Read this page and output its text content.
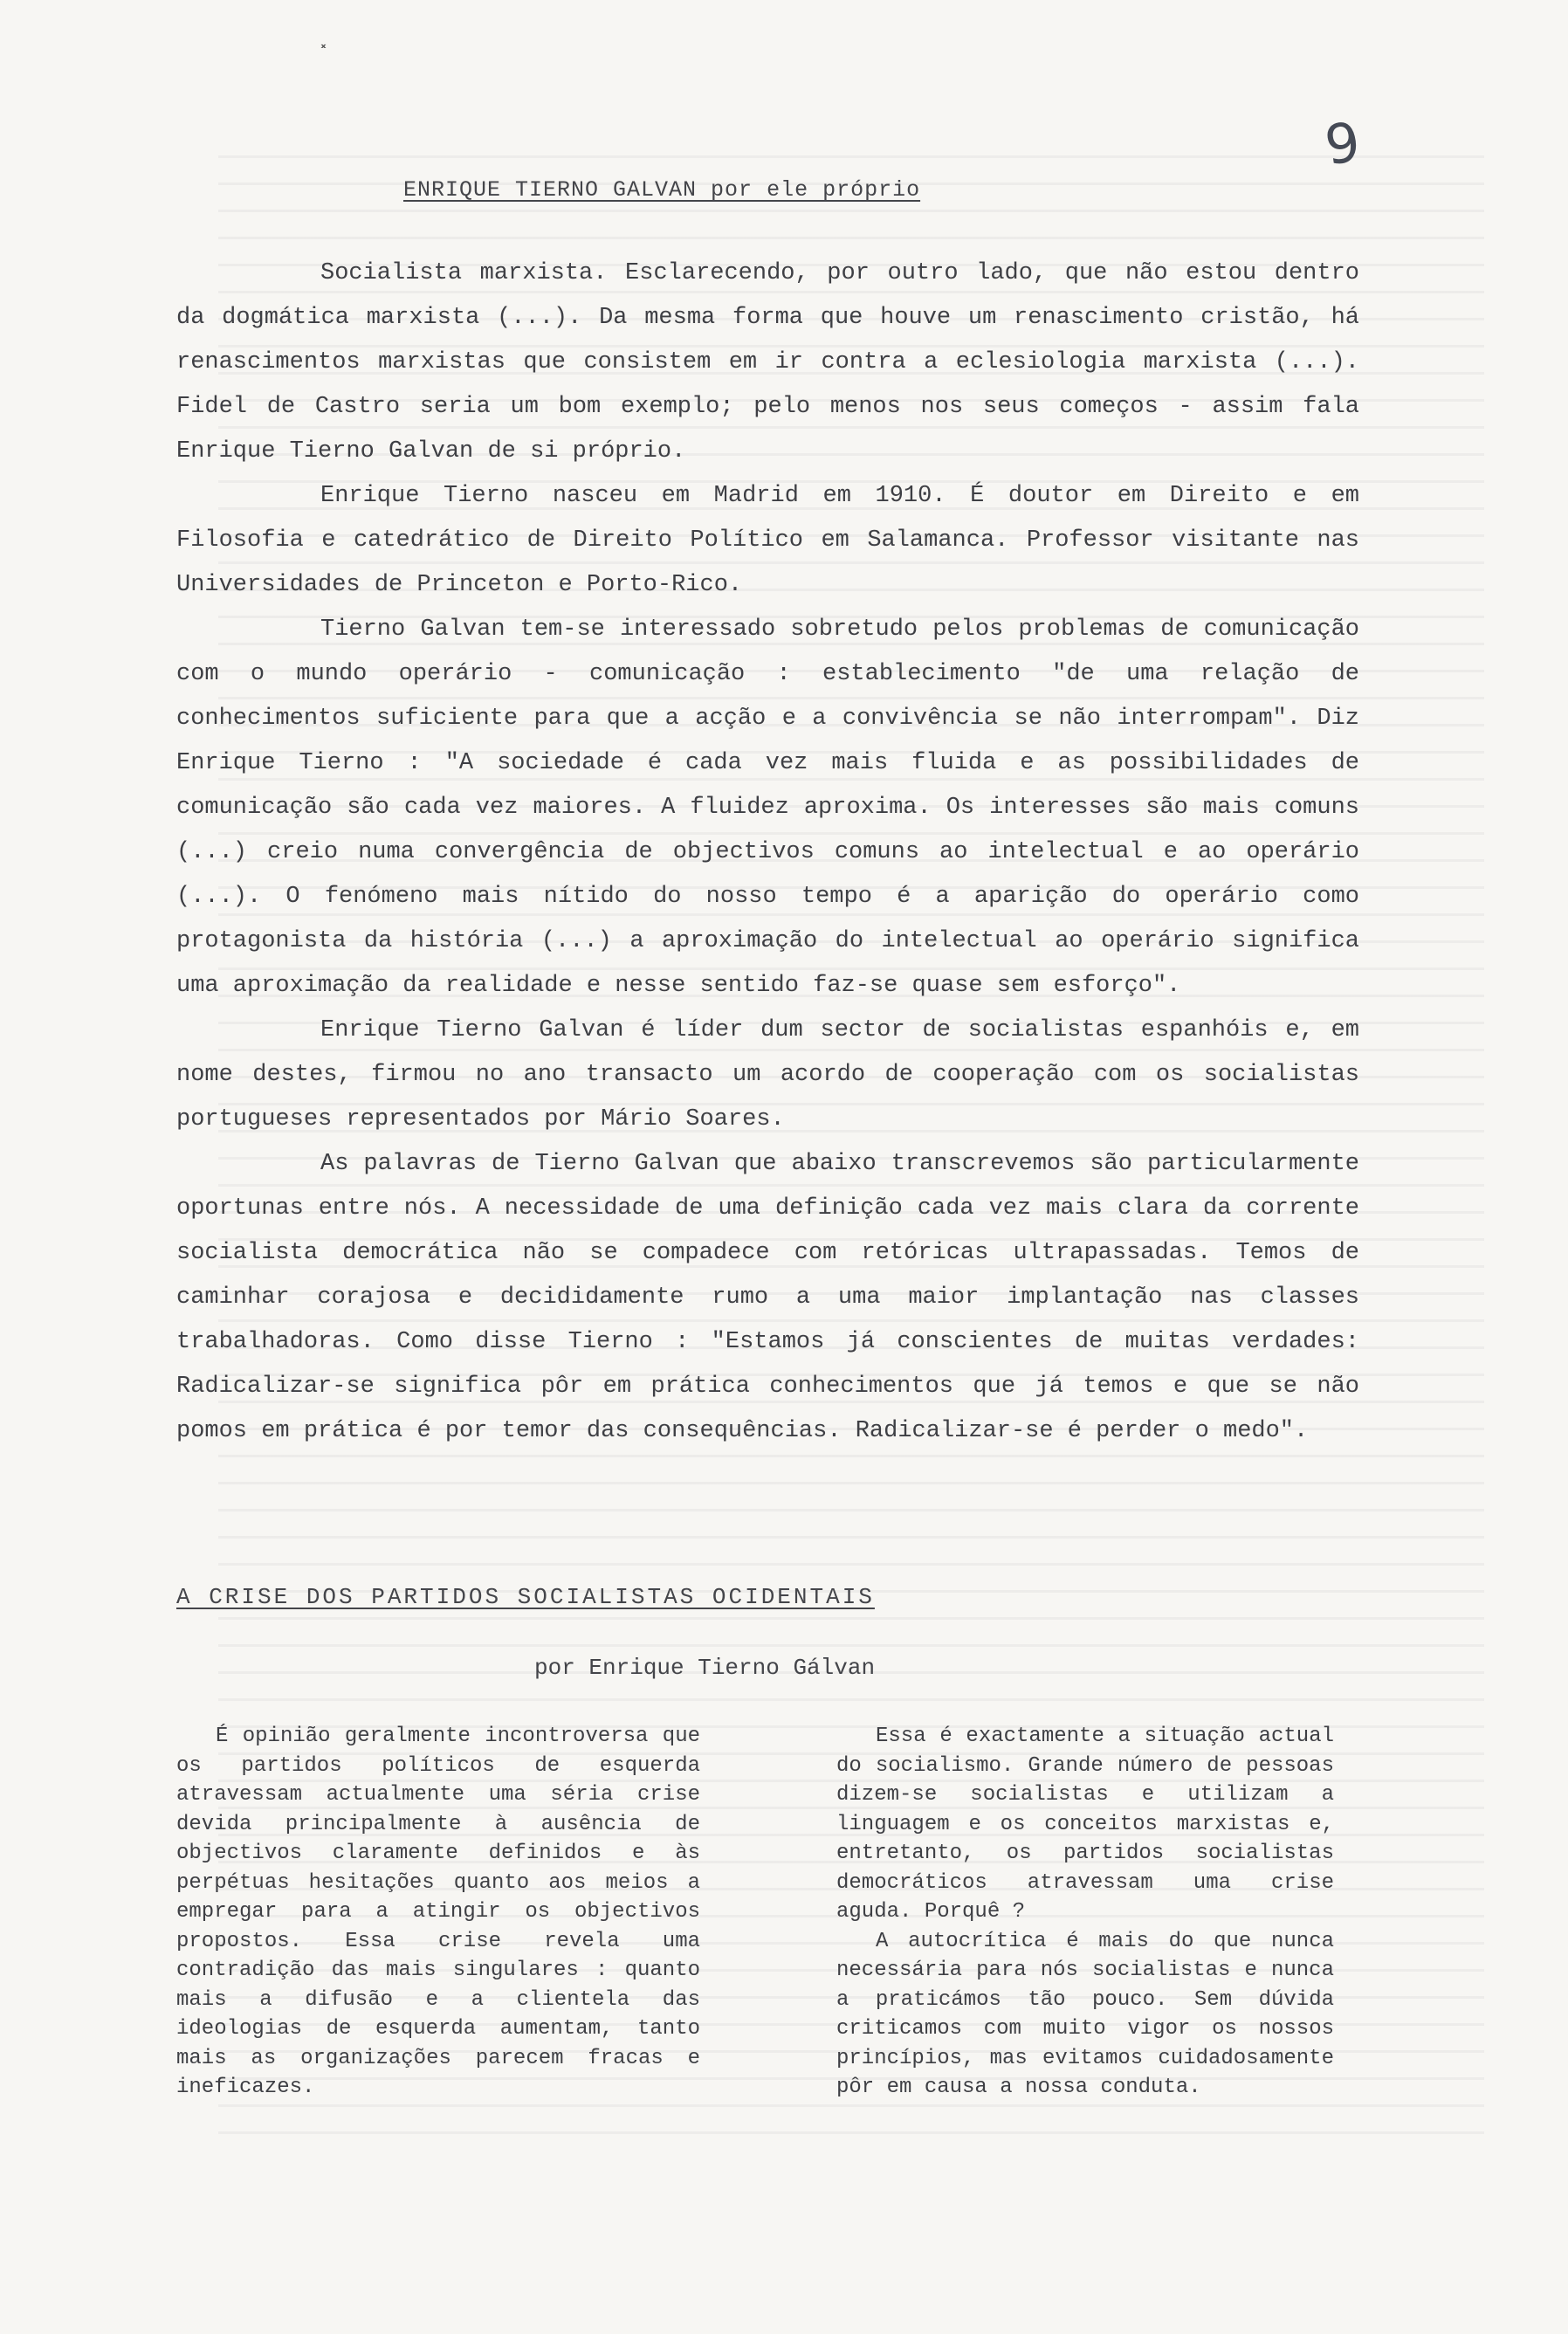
˟
9
ENRIQUE TIERNO GALVAN por ele próprio

Socialista marxista. Esclarecendo, por outro lado, que não estou dentro da dogmática marxista (...). Da mesma forma que houve um renascimento cristão, há renascimentos marxistas que consistem em ir contra a eclesiologia marxista (...). Fidel de Castro seria um bom exemplo; pelo menos nos seus começos - assim fala Enrique Tierno Galvan de si próprio.

Enrique Tierno nasceu em Madrid em 1910. É doutor em Direito e em Filosofia e catedrático de Direito Político em Salamanca. Professor visitante nas Universidades de Princeton e Porto-Rico.

Tierno Galvan tem-se interessado sobretudo pelos problemas de comunicação com o mundo operário - comunicação : establecimento "de uma relação de conhecimentos suficiente para que a acção e a convivência se não interrompam". Diz Enrique Tierno : "A sociedade é cada vez mais fluida e as possibilidades de comunicação são cada vez maiores. A fluidez aproxima. Os interesses são mais comuns (...) creio numa convergência de objectivos comuns ao intelectual e ao operário (...). O fenómeno mais nítido do nosso tempo é a aparição do operário como protagonista da história (...) a aproximação do intelectual ao operário significa uma aproximação da realidade e nesse sentido faz-se quase sem esforço".

Enrique Tierno Galvan é líder dum sector de socialistas espanhóis e, em nome destes, firmou no ano transacto um acordo de cooperação com os socialistas portugueses representados por Mário Soares.

As palavras de Tierno Galvan que abaixo transcrevemos são particularmente oportunas entre nós. A necessidade de uma definição cada vez mais clara da corrente socialista democrática não se compadece com retóricas ultrapassadas. Temos de caminhar corajosa e decididamente rumo a uma maior implantação nas classes trabalhadoras. Como disse Tierno : "Estamos já conscientes de muitas verdades: Radicalizar-se significa pôr em prática conhecimentos que já temos e que se não pomos em prática é por temor das consequências. Radicalizar-se é perder o medo".

A CRISE DOS PARTIDOS SOCIALISTAS OCIDENTAIS
por Enrique Tierno Gálvan

É opinião geralmente incontroversa que os partidos políticos de esquerda atravessam actualmente uma séria crise devida principalmente à ausência de objectivos claramente definidos e às perpétuas hesitações quanto aos meios a empregar para a atingir os objectivos propostos. Essa crise revela uma contradição das mais singulares : quanto mais a difusão e a clientela das ideologias de esquerda aumentam, tanto mais as organizações parecem fracas e ineficazes.

Essa é exactamente a situação actual do socialismo. Grande número de pessoas dizem-se socialistas e utilizam a linguagem e os conceitos marxistas e, entretanto, os partidos socialistas democráticos atravessam uma crise aguda. Porquê ?

A autocrítica é mais do que nunca necessária para nós socialistas e nunca a praticámos tão pouco. Sem dúvida criticamos com muito vigor os nossos princípios, mas evitamos cuidadosamente pôr em causa a nossa conduta.
